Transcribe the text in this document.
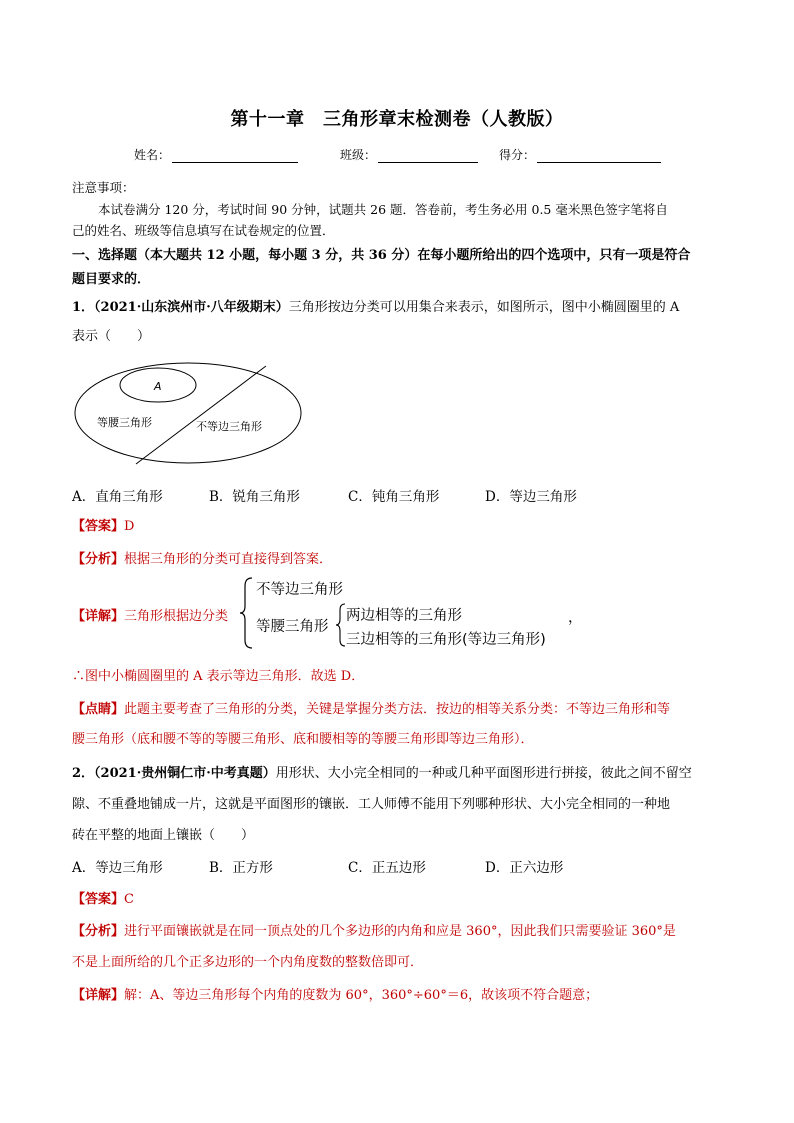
第十一章　三角形章末检测卷（人教版）
姓名：	班级：	得分：
注意事项：
本试卷满分 120 分，考试时间 90 分钟，试题共 26 题．答卷前，考生务必用 0.5 毫米黑色签字笔将自
己的姓名、班级等信息填写在试卷规定的位置．
一、选择题（本大题共 12 小题，每小题 3 分，共 36 分）在每小题所给出的四个选项中，只有一项是符合
题目要求的．
1．（2021·山东滨州市·八年级期末）三角形按边分类可以用集合来表示，如图所示，图中小椭圆圈里的 A
表示（　　）
A
等腰三角形	不等边三角形
A．直角三角形	B．锐角三角形	C．钝角三角形	D．等边三角形
【答案】D
【分析】根据三角形的分类可直接得到答案．
【详解】三角形根据边分类
不等边三角形
等腰三角形
两边相等的三角形
三边相等的三角形(等边三角形)
，
∴图中小椭圆圈里的 A 表示等边三角形．故选 D．
【点睛】此题主要考查了三角形的分类，关键是掌握分类方法．按边的相等关系分类：不等边三角形和等
腰三角形（底和腰不等的等腰三角形、底和腰相等的等腰三角形即等边三角形）．
2．（2021·贵州铜仁市·中考真题）用形状、大小完全相同的一种或几种平面图形进行拼接，彼此之间不留空
隙、不重叠地铺成一片，这就是平面图形的镶嵌．工人师傅不能用下列哪种形状、大小完全相同的一种地
砖在平整的地面上镶嵌（　　）
A．等边三角形	B．正方形	C．正五边形	D．正六边形
【答案】C
【分析】进行平面镶嵌就是在同一顶点处的几个多边形的内角和应是 360°，因此我们只需要验证 360°是
不是上面所给的几个正多边形的一个内角度数的整数倍即可．
【详解】解：A、等边三角形每个内角的度数为 60°，360°÷60°＝6，故该项不符合题意；
